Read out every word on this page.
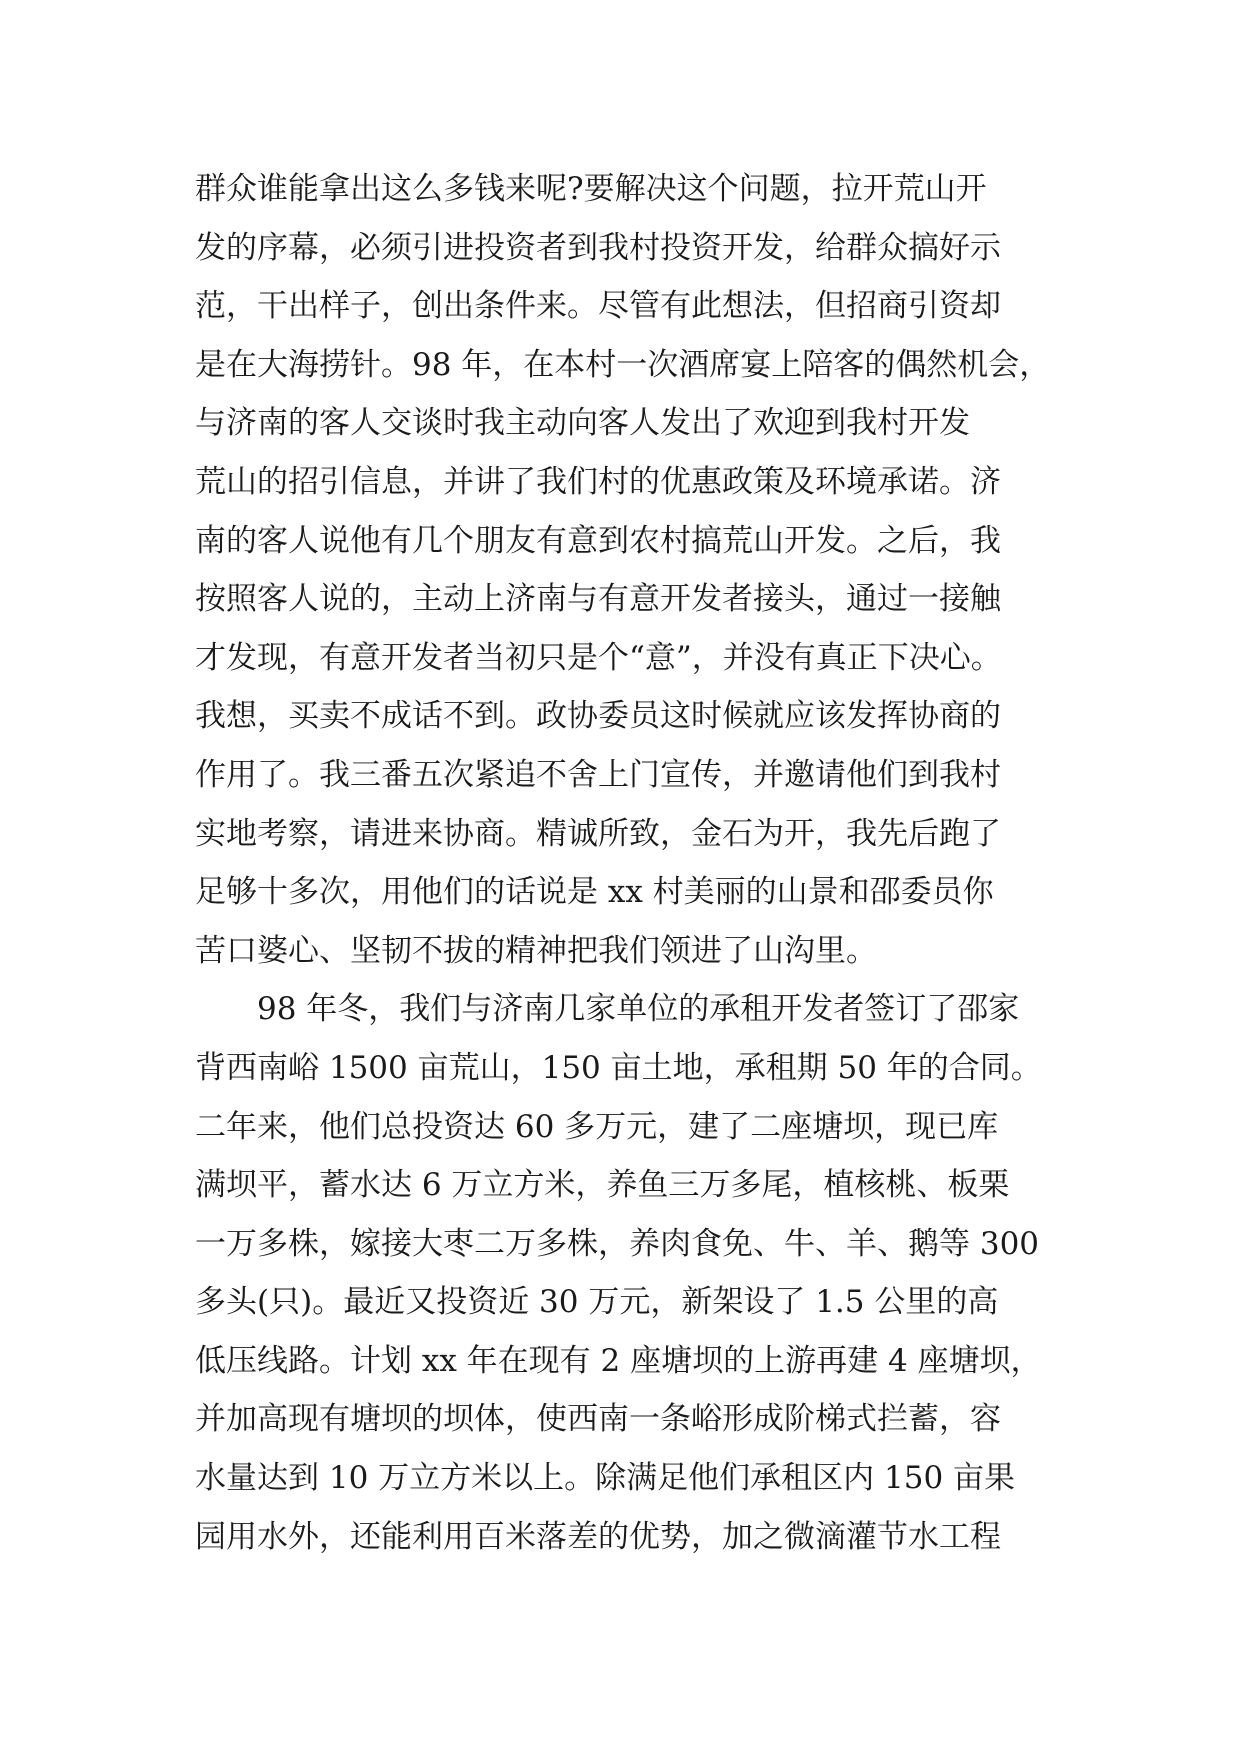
群众谁能拿出这么多钱来呢?要解决这个问题，拉开荒山开
发的序幕，必须引进投资者到我村投资开发，给群众搞好示
范，干出样子，创出条件来。尽管有此想法，但招商引资却
是在大海捞针。98 年，在本村一次酒席宴上陪客的偶然机会，
与济南的客人交谈时我主动向客人发出了欢迎到我村开发
荒山的招引信息，并讲了我们村的优惠政策及环境承诺。济
南的客人说他有几个朋友有意到农村搞荒山开发。之后，我
按照客人说的，主动上济南与有意开发者接头，通过一接触
才发现，有意开发者当初只是个“意”，并没有真正下决心。
我想，买卖不成话不到。政协委员这时候就应该发挥协商的
作用了。我三番五次紧追不舍上门宣传，并邀请他们到我村
实地考察，请进来协商。精诚所致，金石为开，我先后跑了
足够十多次，用他们的话说是 xx 村美丽的山景和邵委员你
苦口婆心、坚韧不拔的精神把我们领进了山沟里。
98 年冬，我们与济南几家单位的承租开发者签订了邵家
背西南峪 1500 亩荒山，150 亩土地，承租期 50 年的合同。
二年来，他们总投资达 60 多万元，建了二座塘坝，现已库
满坝平，蓄水达 6 万立方米，养鱼三万多尾，植核桃、板栗
一万多株，嫁接大枣二万多株，养肉食免、牛、羊、鹅等 300
多头(只)。最近又投资近 30 万元，新架设了 1.5 公里的高
低压线路。计划 xx 年在现有 2 座塘坝的上游再建 4 座塘坝，
并加高现有塘坝的坝体，使西南一条峪形成阶梯式拦蓄，容
水量达到 10 万立方米以上。除满足他们承租区内 150 亩果
园用水外，还能利用百米落差的优势，加之微滴灌节水工程
